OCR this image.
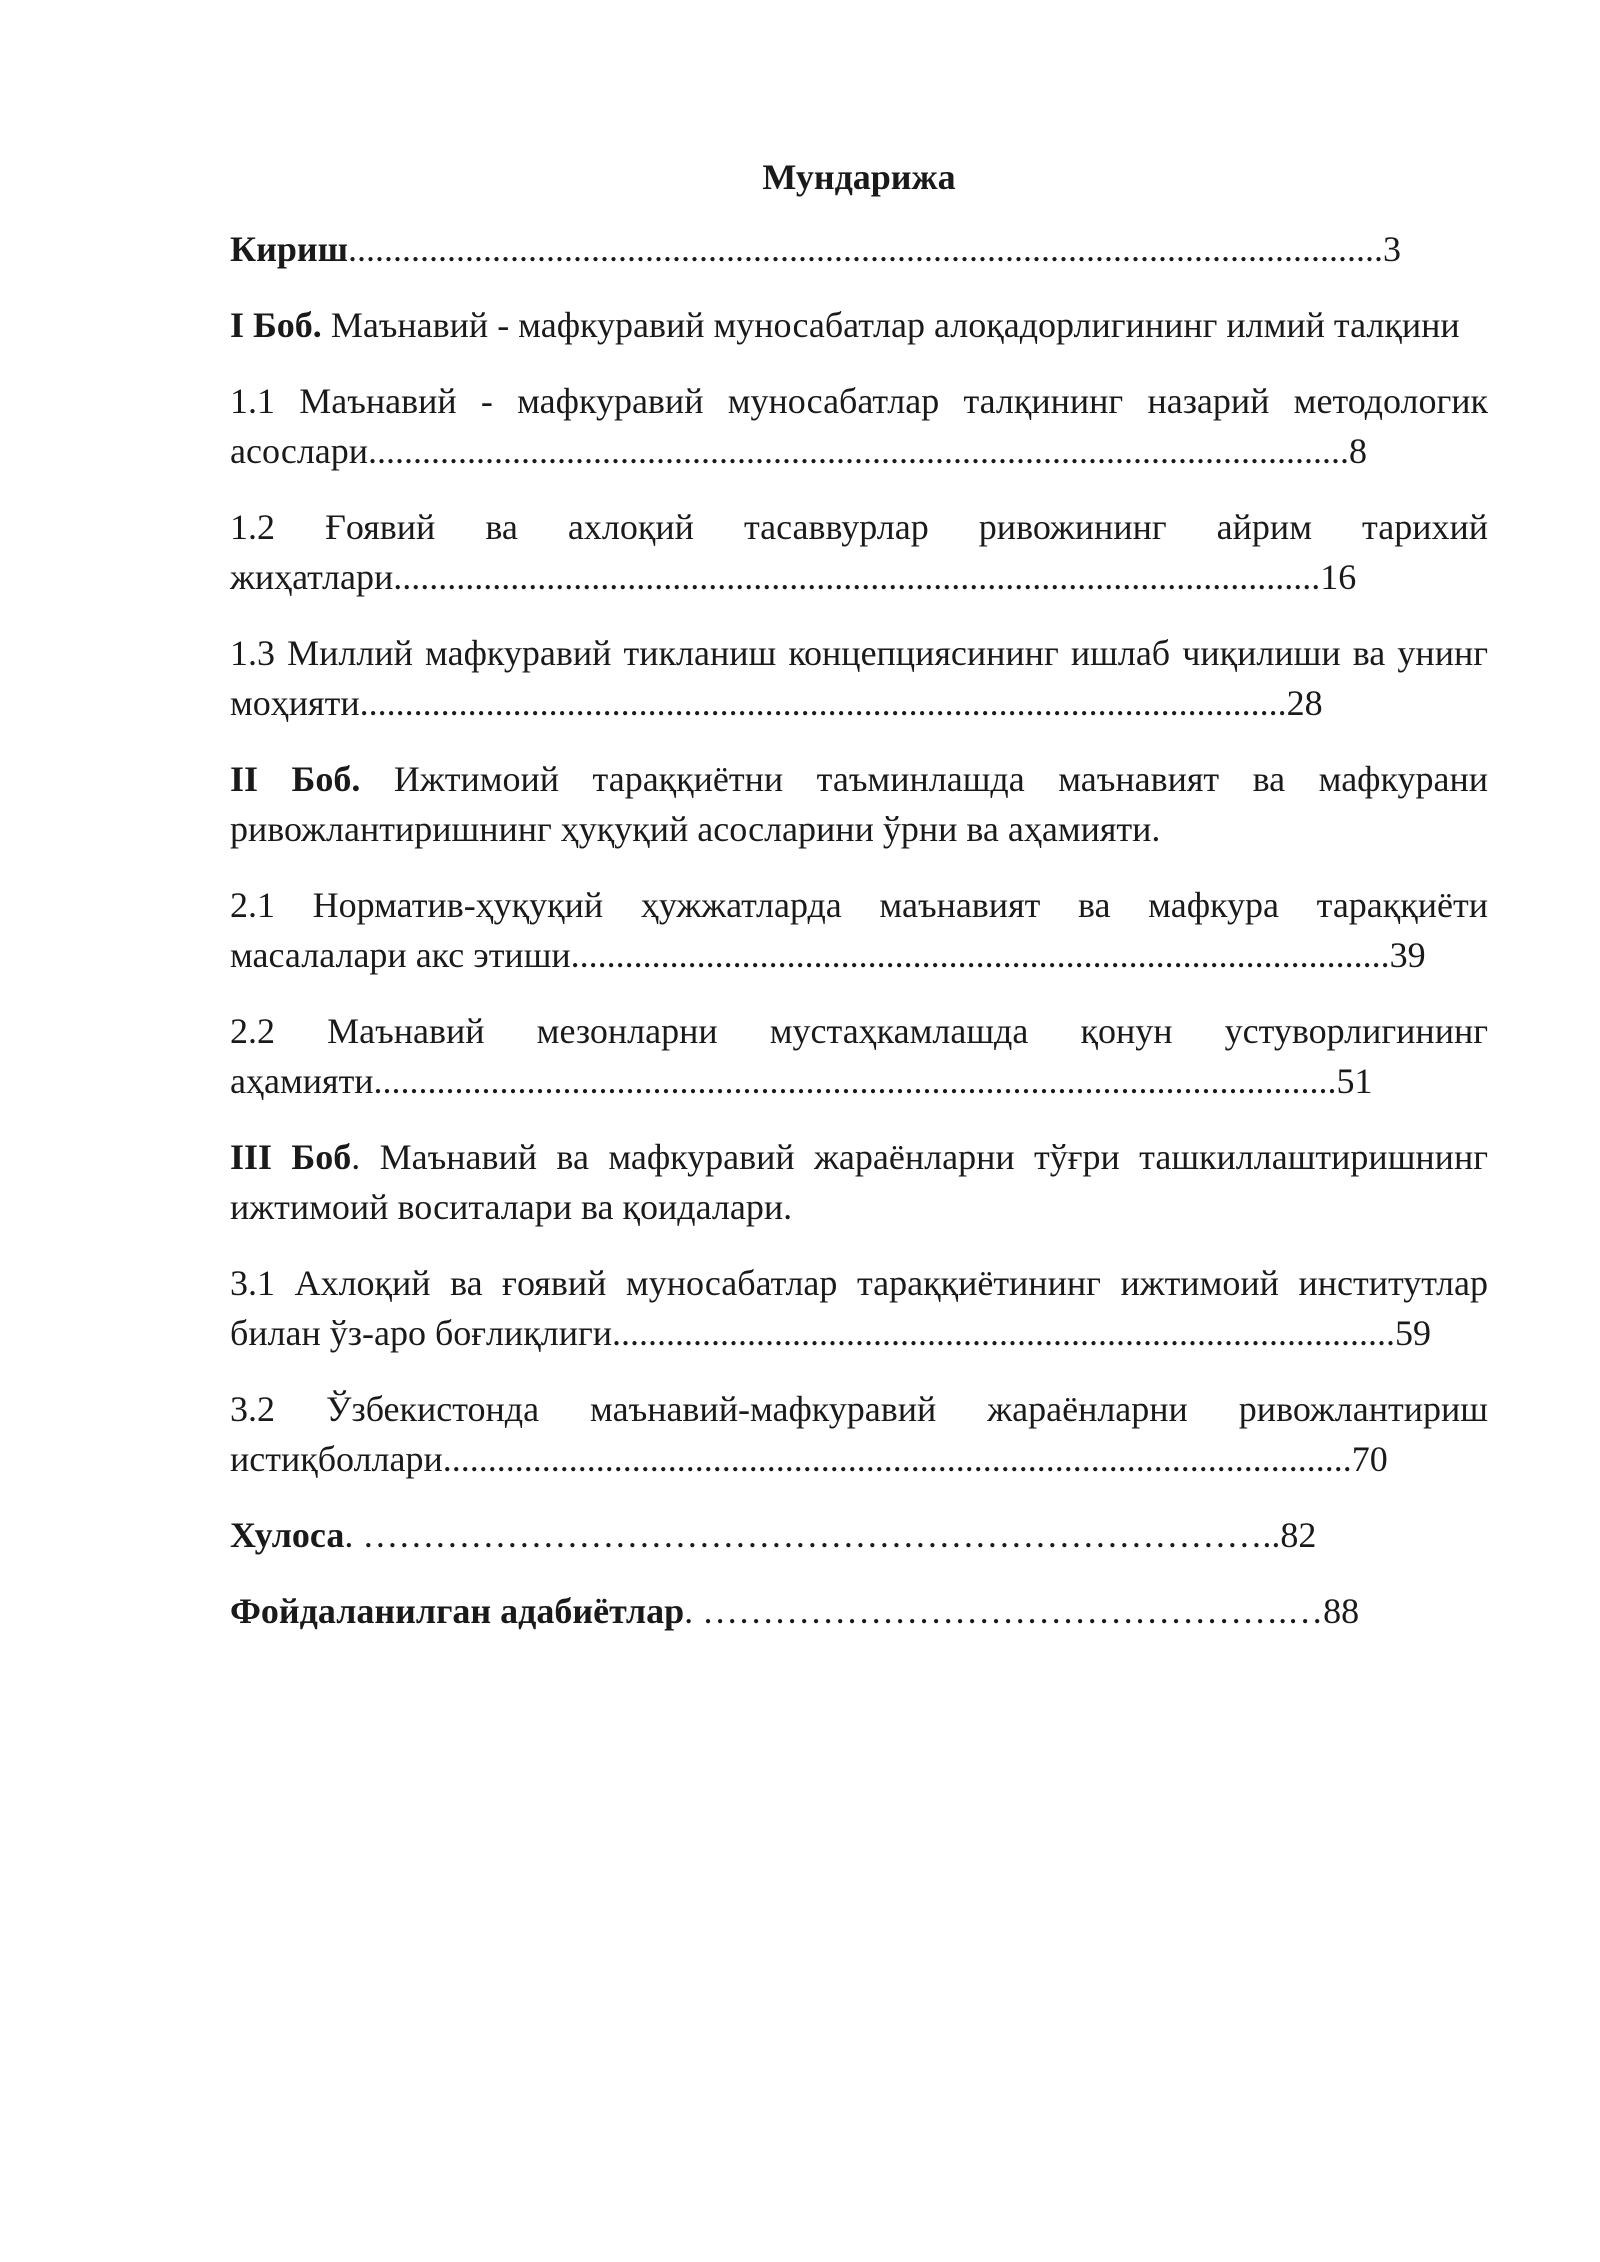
Мундарижа
Кириш...................................................................................................................3
I Боб. Маънавий - мафкуравий муносабатлар алоқадорлигининг илмий талқини
1.1 Маънавий - мафкуравий муносабатлар талқининг назарий методологик асослари.............................................................................................................8
1.2 Ғоявий ва ахлоқий тасаввурлар ривожининг айрим тарихий жиҳатлари.......................................................................................................16
1.3 Миллий мафкуравий тикланиш концепциясининг ишлаб чиқилиши ва унинг моҳияти.......................................................................................................28
II Боб. Ижтимоий тараққиётни таъминлашда маънавият ва мафкурани ривожлантиришнинг ҳуқуқий асосларини ўрни ва аҳамияти.
2.1 Норматив-ҳуқуқий ҳужжатларда маънавият ва мафкура тараққиёти масалалари акс этиши...........................................................................................39
2.2 Маънавий мезонларни мустаҳкамлашда қонун устуворлигининг аҳамияти...........................................................................................................51
III Боб. Маънавий ва мафкуравий жараёнларни тўғри ташкиллаштиришнинг ижтимоий воситалари ва қоидалари.
3.1 Ахлоқий ва ғоявий муносабатлар тараққиётининг ижтимоий институтлар билан ўз-аро боғлиқлиги.......................................................................................59
3.2 Ўзбекистонда маънавий-мафкуравий жараёнларни ривожлантириш истиқболлари.....................................................................................................70
Хулоса. …………………………………………………………………..82
Фойдаланилган адабиётлар. ………………………………………….…88
